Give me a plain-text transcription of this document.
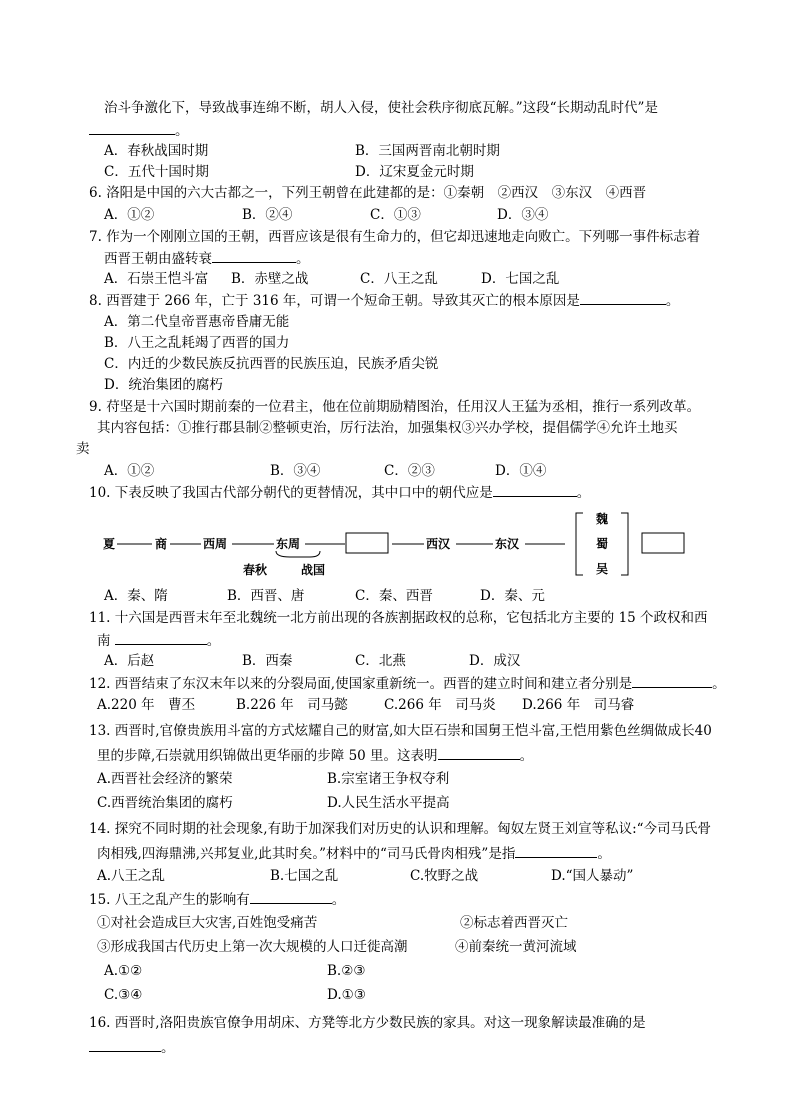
治斗争激化下，导致战事连绵不断，胡人入侵，使社会秩序彻底瓦解。”这段“长期动乱时代”是
。
A．春秋战国时期	B．三国两晋南北朝时期
C．五代十国时期	D．辽宋夏金元时期
6. 洛阳是中国的六大古都之一，下列王朝曾在此建都的是：①秦朝　②西汉　③东汉　④西晋
A．①②	B．②④	C．①③	D．③④
7. 作为一个刚刚立国的王朝，西晋应该是很有生命力的，但它却迅速地走向败亡。下列哪一事件标志着
西晋王朝由盛转衰	。
A．石崇王恺斗富 B．赤壁之战	C．八王之乱	D．七国之乱
8. 西晋建于 266 年，亡于 316 年，可谓一个短命王朝。导致其灭亡的根本原因是	。
A．第二代皇帝晋惠帝昏庸无能
B．八王之乱耗竭了西晋的国力
C．内迁的少数民族反抗西晋的民族压迫，民族矛盾尖锐
D．统治集团的腐朽
9. 苻坚是十六国时期前秦的一位君主，他在位前期励精图治，任用汉人王猛为丞相，推行一系列改革。
其内容包括：①推行郡县制②整顿吏治，厉行法治，加强集权③兴办学校，提倡儒学④允许土地买
卖
A．①②	B．③④	C．②③	D．①④
10. 下表反映了我国古代部分朝代的更替情况，其中口中的朝代应是	。
夏	商	西周	东周	西汉	东汉
春秋	战国
魏
蜀
吴
A．秦、隋	B．西晋、唐	C．秦、西晋	D．秦、元
11. 十六国是西晋末年至北魏统一北方前出现的各族割据政权的总称，它包括北方主要的 15 个政权和西
南	。
A．后赵	B．西秦	C．北燕	D．成汉
12. 西晋结束了东汉末年以来的分裂局面,使国家重新统一。西晋的建立时间和建立者分别是	。
A.220 年　曹丕	B.226 年　司马懿	C.266 年　司马炎 D.266 年　司马睿
13. 西晋时,官僚贵族用斗富的方式炫耀自己的财富,如大臣石崇和国舅王恺斗富,王恺用紫色丝绸做成长40
里的步障,石崇就用织锦做出更华丽的步障 50 里。这表明	。
A.西晋社会经济的繁荣	B.宗室诸王争权夺利
C.西晋统治集团的腐朽	D.人民生活水平提高
14. 探究不同时期的社会现象,有助于加深我们对历史的认识和理解。匈奴左贤王刘宣等私议:“今司马氏骨
肉相残,四海鼎沸,兴邦复业,此其时矣。”材料中的“司马氏骨肉相残”是指	。
A.八王之乱	B.七国之乱	C.牧野之战	D.“国人暴动”
15. 八王之乱产生的影响有	。
①对社会造成巨大灾害,百姓饱受痛苦	②标志着西晋灭亡
③形成我国古代历史上第一次大规模的人口迁徙高潮	④前秦统一黄河流域
A.①②	B.②③
C.③④	D.①③
16. 西晋时,洛阳贵族官僚争用胡床、方凳等北方少数民族的家具。对这一现象解读最准确的是
。
